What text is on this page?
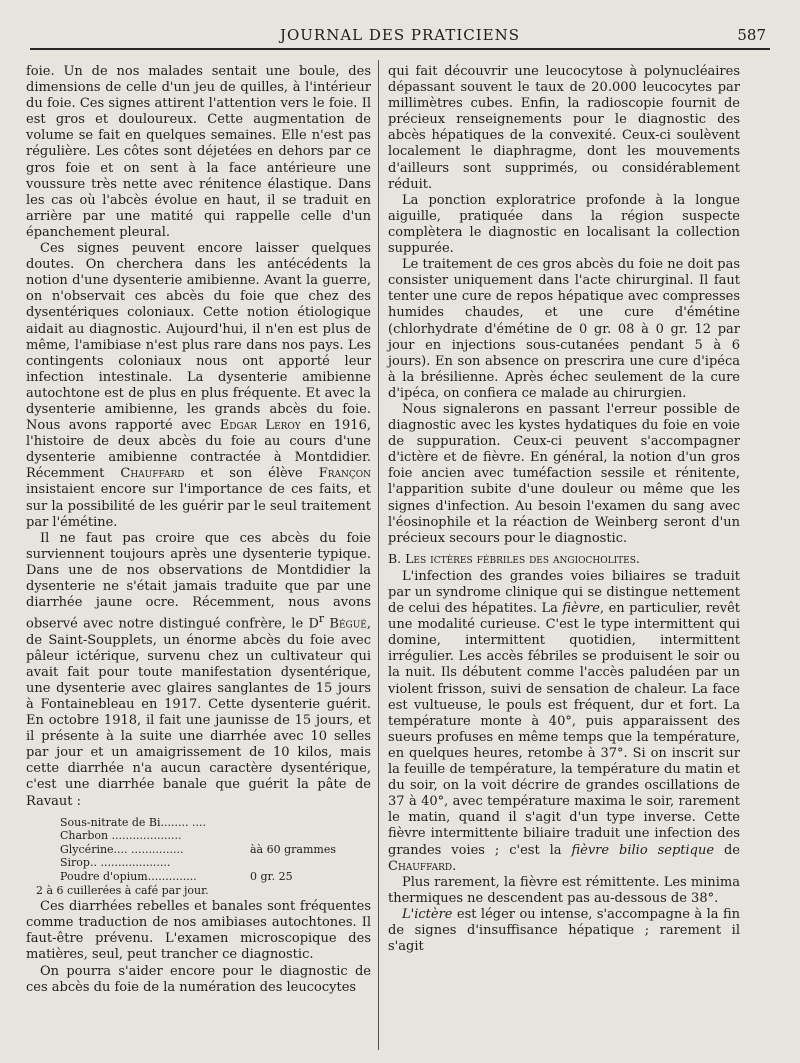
JOURNAL DES PRATICIENS	587

foie. Un de nos malades sentait une boule, des dimensions de celle d'un jeu de quilles, à l'intérieur du foie. Ces signes attirent l'attention vers le foie. Il est gros et douloureux. Cette augmentation de volume se fait en quelques semaines. Elle n'est pas régulière. Les côtes sont déjetées en dehors par ce gros foie et on sent à la face antérieure une voussure très nette avec rénitence élastique. Dans les cas où l'abcès évolue en haut, il se traduit en arrière par une matité qui rappelle celle d'un épanchement pleural.

Ces signes peuvent encore laisser quelques doutes. On cherchera dans les antécédents la notion d'une dysenterie amibienne. Avant la guerre, on n'observait ces abcès du foie que chez des dysentériques coloniaux. Cette notion étiologique aidait au diagnostic. Aujourd'hui, il n'en est plus de même, l'amibiase n'est plus rare dans nos pays. Les contingents coloniaux nous ont apporté leur infection intestinale. La dysenterie amibienne autochtone est de plus en plus fréquente. Et avec la dysenterie amibienne, les grands abcès du foie. Nous avons rapporté avec Edgar Leroy en 1916, l'histoire de deux abcès du foie au cours d'une dysenterie amibienne contractée à Montdidier. Récemment Chauffard et son élève Françon insistaient encore sur l'importance de ces faits, et sur la possibilité de les guérir par le seul traitement par l'émétine.

Il ne faut pas croire que ces abcès du foie surviennent toujours après une dysenterie typique. Dans une de nos observations de Montdidier la dysenterie ne s'était jamais traduite que par une diarrhée jaune ocre. Récemment, nous avons observé avec notre distingué confrère, le $D^r$ Bégué, de Saint-Soupplets, un énorme abcès du foie avec pâleur ictérique, survenu chez un cultivateur qui avait fait pour toute manifestation dysentérique, une dysenterie avec glaires sanglantes de 15 jours à Fontainebleau en 1917. Cette dysenterie guérit. En octobre 1918, il fait une jaunisse de 15 jours, et il présente à la suite une diarrhée avec 10 selles par jour et un amaigrissement de 10 kilos, mais cette diarrhée n'a aucun caractère dysentérique, c'est une diarrhée banale que guérit la pâte de Ravaut :

Sous-nitrate de Bi........ ....
Charbon ....................
Glycérine.... ...............	àà 60 grammes
Sirop.. ....................
Poudre d'opium..............	0 gr. 25
2 à 6 cuillerées à café par jour.

Ces diarrhées rebelles et banales sont fréquentes comme traduction de nos amibiases autochtones. Il faut-être prévenu. L'examen microscopique des matières, seul, peut trancher ce diagnostic.

On pourra s'aider encore pour le diagnostic de ces abcès du foie de la numération des leucocytes

qui fait découvrir une leucocytose à polynucléaires dépassant souvent le taux de 20.000 leucocytes par millimètres cubes. Enfin, la radioscopie fournit de précieux renseignements pour le diagnostic des abcès hépatiques de la convexité. Ceux-ci soulèvent localement le diaphragme, dont les mouvements d'ailleurs sont supprimés, ou considérablement réduit.

La ponction exploratrice profonde à la longue aiguille, pratiquée dans la région suspecte complètera le diagnostic en localisant la collection suppurée.

Le traitement de ces gros abcès du foie ne doit pas consister uniquement dans l'acte chirurginal. Il faut tenter une cure de repos hépatique avec compresses humides chaudes, et une cure d'émétine (chlorhydrate d'émétine de 0 gr. 08 à 0 gr. 12 par jour en injections sous-cutanées pendant 5 à 6 jours). En son absence on prescrira une cure d'ipéca à la brésilienne. Après échec seulement de la cure d'ipéca, on confiera ce malade au chirurgien.

Nous signalerons en passant l'erreur possible de diagnostic avec les kystes hydatiques du foie en voie de suppuration. Ceux-ci peuvent s'accompagner d'ictère et de fièvre. En général, la notion d'un gros foie ancien avec tuméfaction sessile et rénitente, l'apparition subite d'une douleur ou même que les signes d'infection. Au besoin l'examen du sang avec l'éosinophile et la réaction de Weinberg seront d'un précieux secours pour le diagnostic.

B. Les ictères fébriles des angiocholites.

L'infection des grandes voies biliaires se traduit par un syndrome clinique qui se distingue nettement de celui des hépatites. La fièvre, en particulier, revêt une modalité curieuse. C'est le type intermittent qui domine, intermittent quotidien, intermittent irrégulier. Les accès fébriles se produisent le soir ou la nuit. Ils débutent comme l'accès paludéen par un violent frisson, suivi de sensation de chaleur. La face est vultueuse, le pouls est fréquent, dur et fort. La température monte à 40°, puis apparaissent des sueurs profuses en même temps que la température, en quelques heures, retombe à 37°. Si on inscrit sur la feuille de température, la température du matin et du soir, on la voit décrire de grandes oscillations de 37 à 40°, avec température maxima le soir, rarement le matin, quand il s'agit d'un type inverse. Cette fièvre intermittente biliaire traduit une infection des grandes voies ; c'est la fièvre bilio septique de Chauffard.

Plus rarement, la fièvre est rémittente. Les minima thermiques ne descendent pas au-dessous de 38°.

L'ictère est léger ou intense, s'accompagne à la fin de signes d'insuffisance hépatique ; rarement il s'agit
